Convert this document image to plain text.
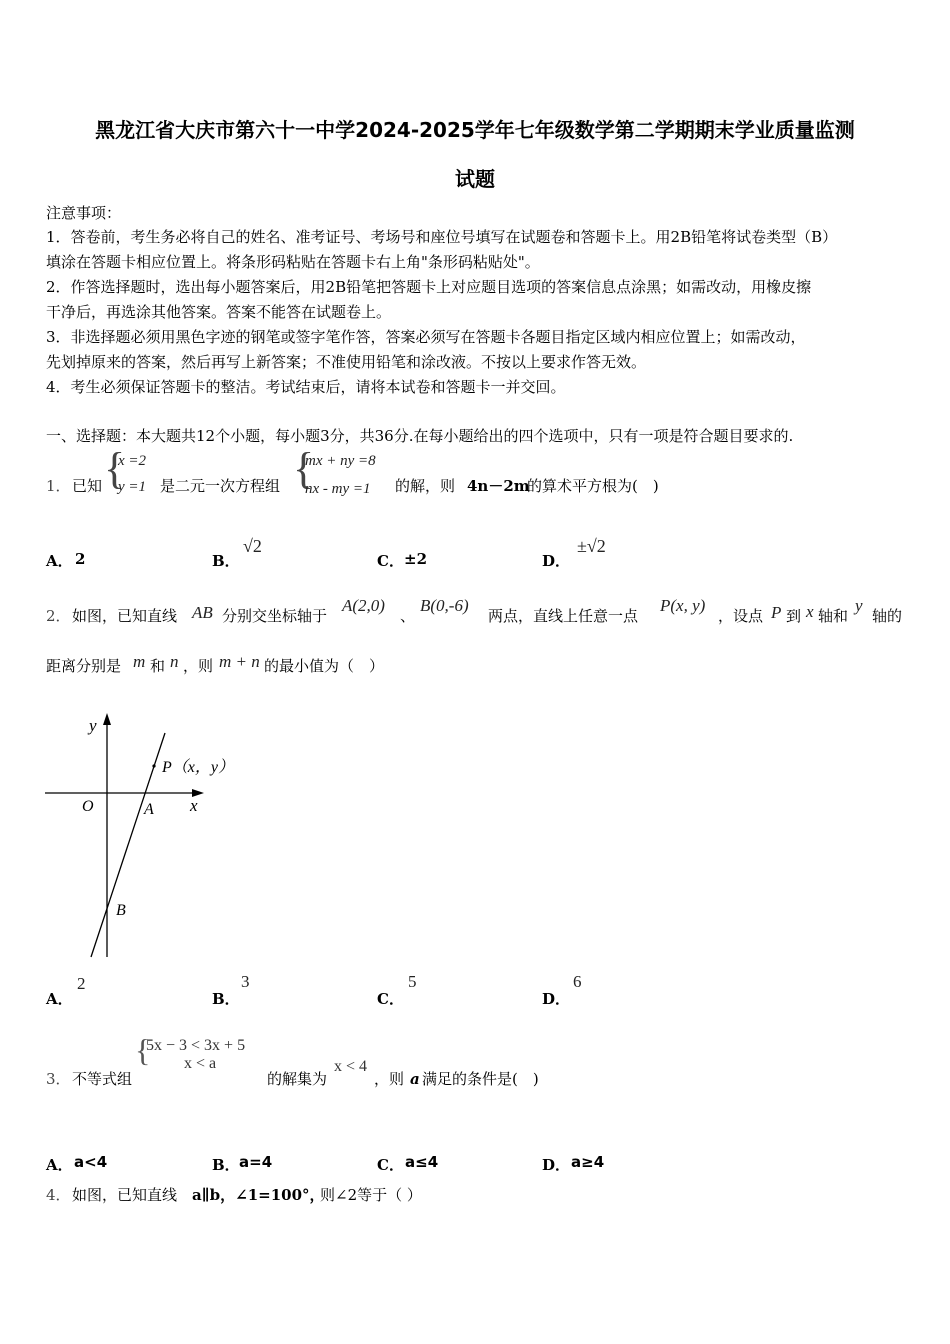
黑龙江省大庆市第六十一中学2024-2025学年七年级数学第二学期期末学业质量监测
试题
注意事项：
1．答卷前，考生务必将自己的姓名、准考证号、考场号和座位号填写在试题卷和答题卡上。用2B铅笔将试卷类型（B）
填涂在答题卡相应位置上。将条形码粘贴在答题卡右上角"条形码粘贴处"。
2．作答选择题时，选出每小题答案后，用2B铅笔把答题卡上对应题目选项的答案信息点涂黑；如需改动，用橡皮擦
干净后，再选涂其他答案。答案不能答在试题卷上。
3．非选择题必须用黑色字迹的钢笔或签字笔作答，答案必须写在答题卡各题目指定区域内相应位置上；如需改动，
先划掉原来的答案，然后再写上新答案；不准使用铅笔和涂改液。不按以上要求作答无效。
4．考生必须保证答题卡的整洁。考试结束后，请将本试卷和答题卡一并交回。
一、选择题：本大题共12个小题，每小题3分，共36分.在每小题给出的四个选项中，只有一项是符合题目要求的.
1． 已知 {
x =2
y =1 是二元一次方程组 {
mx + ny =8
nx - my =1 的解，则 4n－2m
的算术平方根为(　)
A． 2	B．
√2
C． ±2	D．
±√2
2． 如图，已知直线 AB 分别交坐标轴于
A(2,0)
、
B(0,-6)
两点，直线上任意一点
P(x, y)
，设点 P 到 x 轴和
y
轴的
距离分别是 m 和 n ，则 m + n 的最小值为（　）
y
x
O	A
B
P（x，y）
A．
2
B．
3
C．
5
D．
6
3． 不等式组
{
5x − 3 < 3x + 5
x < a
的解集为
x < 4
，则 a 满足的条件是(　)
A． a<4	B． a=4	C． a≤4	D． a≥4
4． 如图，已知直线 a∥b，∠1=100°，
则∠2等于（ ）
